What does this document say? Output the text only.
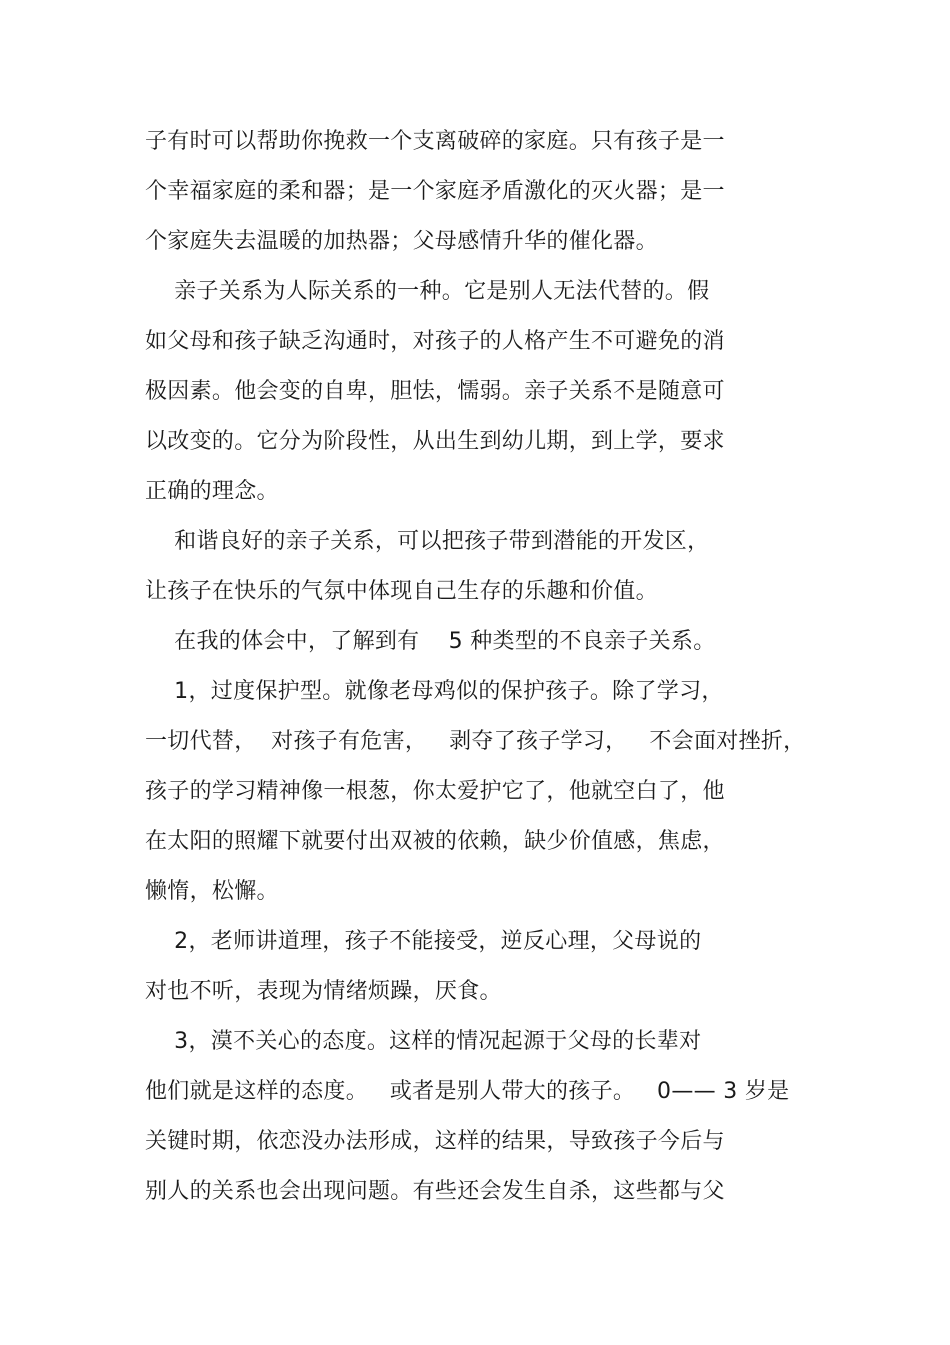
子有时可以帮助你挽救一个支离破碎的家庭。只有孩子是一
个幸福家庭的柔和器；是一个家庭矛盾激化的灭火器；是一
个家庭失去温暖的加热器；父母感情升华的催化器。
亲子关系为人际关系的一种。它是别人无法代替的。假
如父母和孩子缺乏沟通时，对孩子的人格产生不可避免的消
极因素。他会变的自卑，胆怯，懦弱。亲子关系不是随意可
以改变的。它分为阶段性，从出生到幼儿期，到上学，要求
正确的理念。
和谐良好的亲子关系，可以把孩子带到潜能的开发区，
让孩子在快乐的气氛中体现自己生存的乐趣和价值。
在我的体会中，了解到有    5 种类型的不良亲子关系。
1，过度保护型。就像老母鸡似的保护孩子。除了学习，
一切代替，  对孩子有危害，   剥夺了孩子学习，   不会面对挫折，
孩子的学习精神像一根葱，你太爱护它了，他就空白了，他
在太阳的照耀下就要付出双被的依赖，缺少价值感，焦虑，
懒惰，松懈。
2，老师讲道理，孩子不能接受，逆反心理，父母说的
对也不听，表现为情绪烦躁，厌食。
3，漠不关心的态度。这样的情况起源于父母的长辈对
他们就是这样的态度。   或者是别人带大的孩子。   0—— 3 岁是
关键时期，依恋没办法形成，这样的结果，导致孩子今后与
别人的关系也会出现问题。有些还会发生自杀，这些都与父
